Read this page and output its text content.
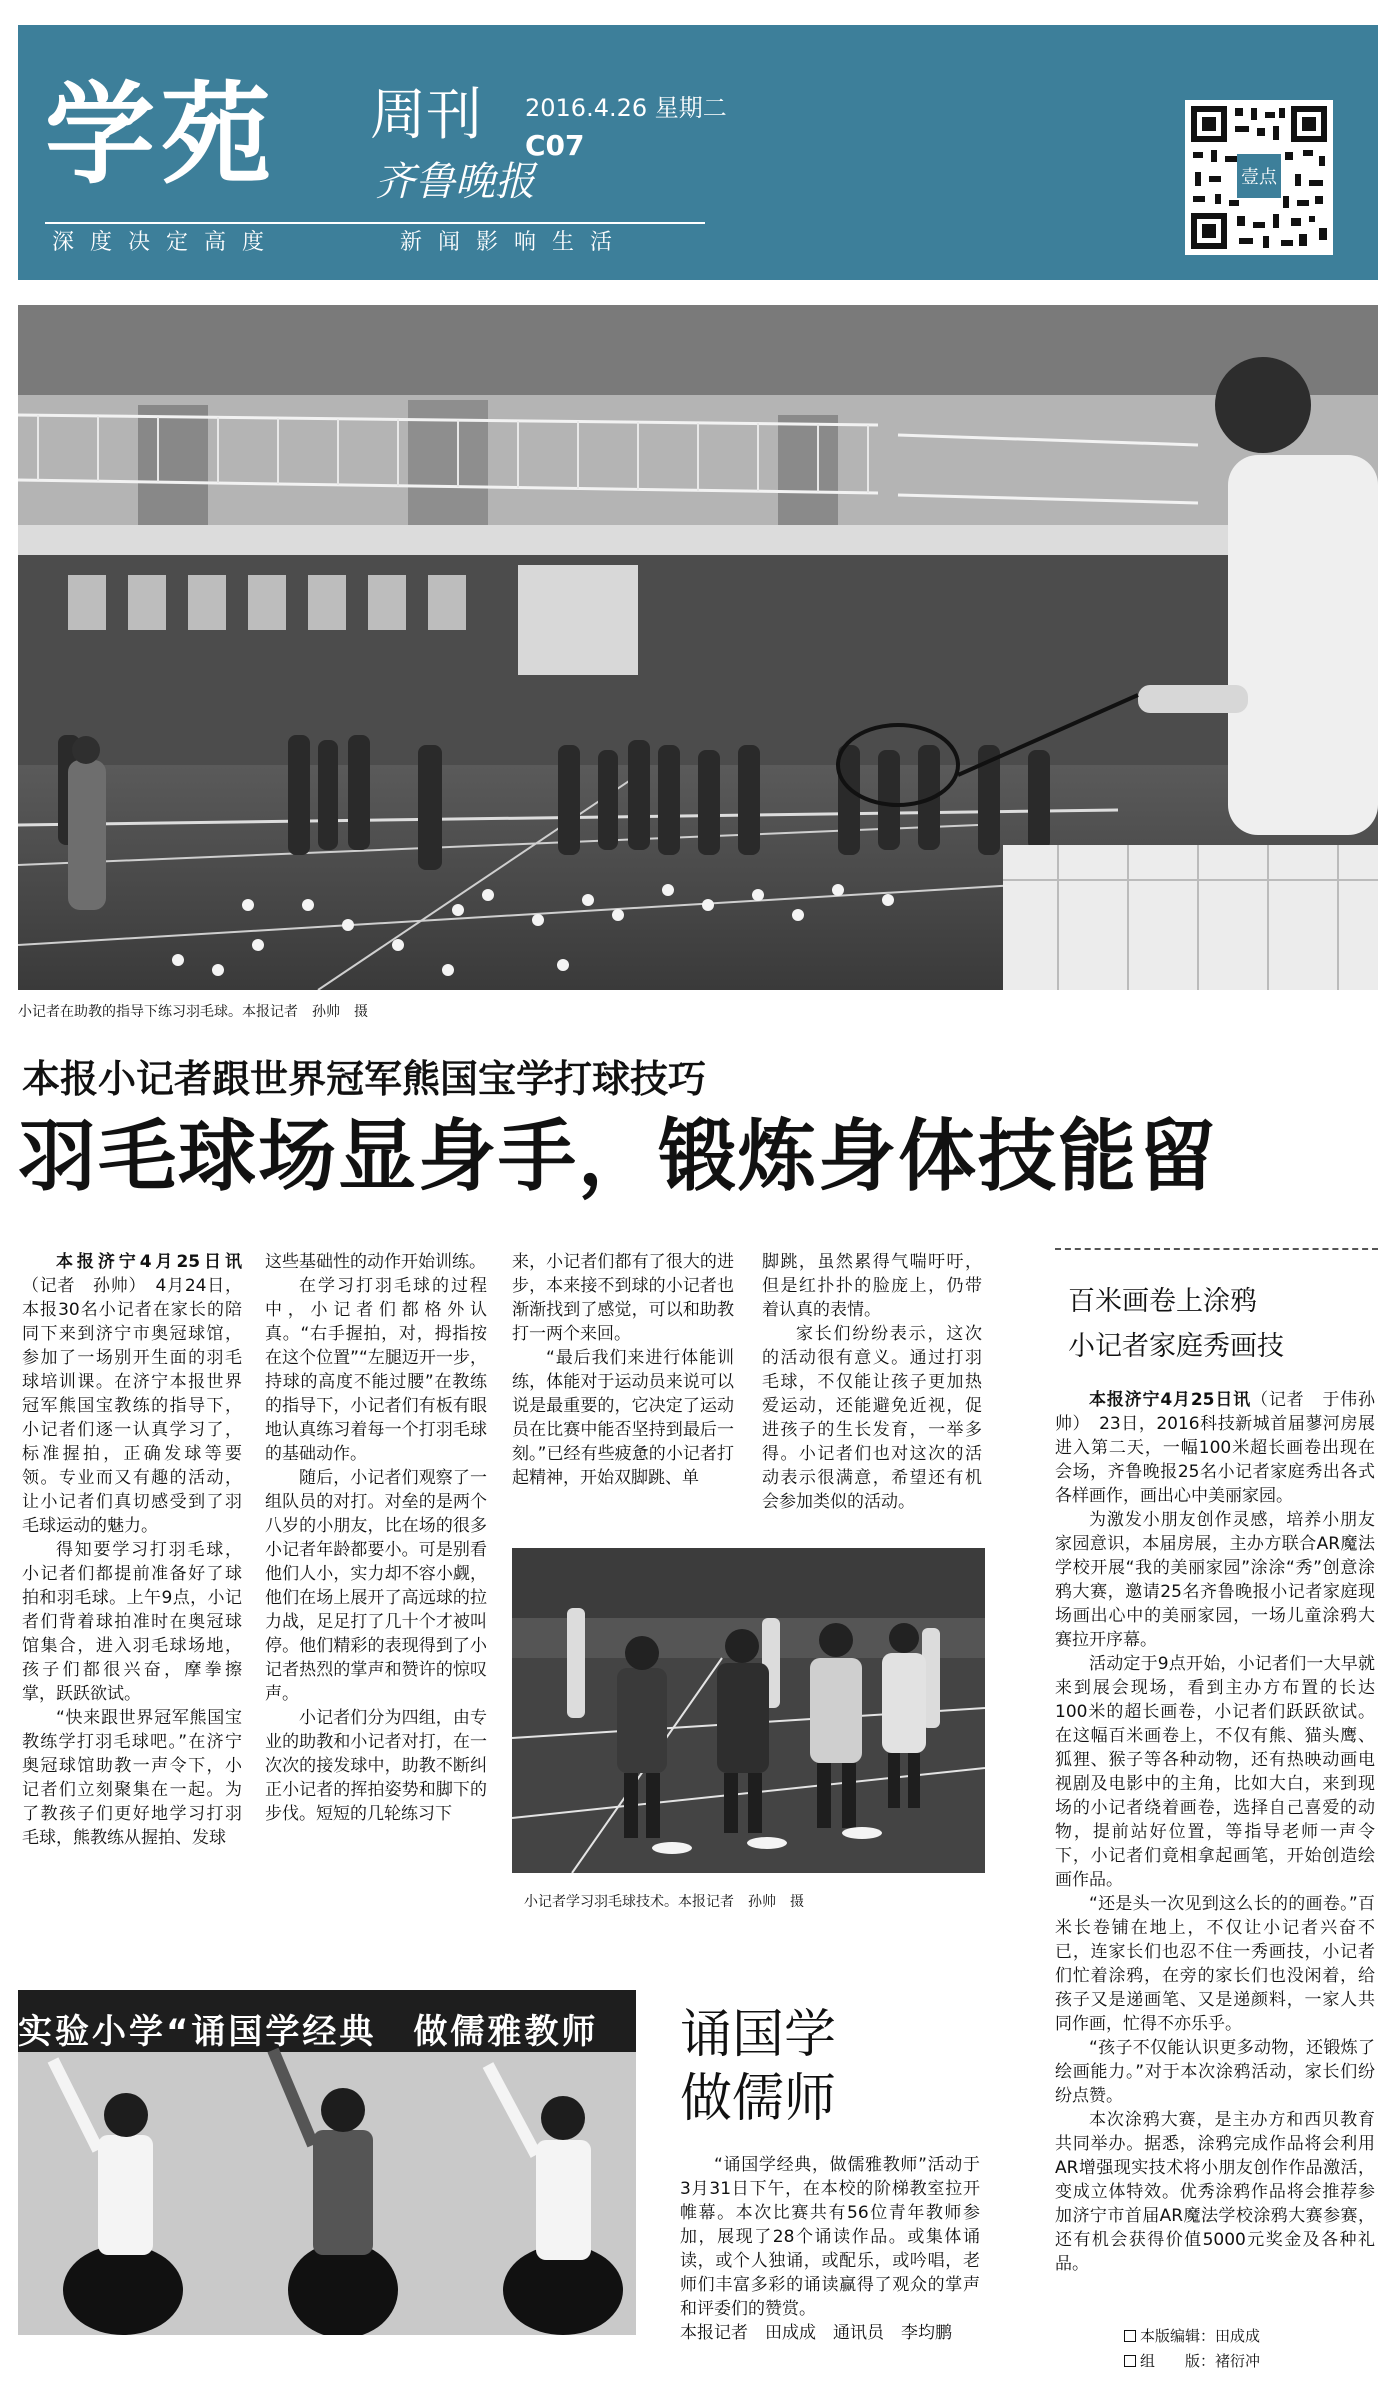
学苑 周刊
齐鲁晚报
2016.4.26 星期二
C07
深度决定高度	新闻影响生活
壹点
小记者在助教的指导下练习羽毛球。本报记者　孙帅　摄
本报小记者跟世界冠军熊国宝学打球技巧
羽毛球场显身手，锻炼身体技能留

本报济宁4月25日讯（记者　孙帅）　4月24日，本报30名小记者在家长的陪同下来到济宁市奥冠球馆，参加了一场别开生面的羽毛球培训课。在济宁本报世界冠军熊国宝教练的指导下，小记者们逐一认真学习了，标准握拍，正确发球等要领。专业而又有趣的活动，让小记者们真切感受到了羽毛球运动的魅力。

得知要学习打羽毛球，小记者们都提前准备好了球拍和羽毛球。上午9点，小记者们背着球拍准时在奥冠球馆集合，进入羽毛球场地，孩子们都很兴奋，摩拳擦掌，跃跃欲试。

“快来跟世界冠军熊国宝教练学打羽毛球吧。”在济宁奥冠球馆助教一声令下，小记者们立刻聚集在一起。为了教孩子们更好地学习打羽毛球，熊教练从握拍、发球

这些基础性的动作开始训练。

在学习打羽毛球的过程中，小记者们都格外认真。“右手握拍，对，拇指按在这个位置”“左腿迈开一步，持球的高度不能过腰”在教练的指导下，小记者们有板有眼地认真练习着每一个打羽毛球的基础动作。

随后，小记者们观察了一组队员的对打。对垒的是两个八岁的小朋友，比在场的很多小记者年龄都要小。可是别看他们人小，实力却不容小觑，他们在场上展开了高远球的拉力战，足足打了几十个才被叫停。他们精彩的表现得到了小记者热烈的掌声和赞许的惊叹声。

小记者们分为四组，由专业的助教和小记者对打，在一次次的接发球中，助教不断纠正小记者的挥拍姿势和脚下的步伐。短短的几轮练习下

来，小记者们都有了很大的进步，本来接不到球的小记者也渐渐找到了感觉，可以和助教打一两个来回。

“最后我们来进行体能训练，体能对于运动员来说可以说是最重要的，它决定了运动员在比赛中能否坚持到最后一刻。”已经有些疲惫的小记者打起精神，开始双脚跳、单

脚跳，虽然累得气喘吁吁，但是红扑扑的脸庞上，仍带着认真的表情。

家长们纷纷表示，这次的活动很有意义。通过打羽毛球，不仅能让孩子更加热爱运动，还能避免近视，促进孩子的生长发育，一举多得。小记者们也对这次的活动表示很满意，希望还有机会参加类似的活动。

小记者学习羽毛球技术。本报记者　孙帅　摄
百米画卷上涂鸦
小记者家庭秀画技

本报济宁4月25日讯（记者　于伟孙帅）　23日，2016科技新城首届蓼河房展进入第二天，一幅100米超长画卷出现在会场，齐鲁晚报25名小记者家庭秀出各式各样画作，画出心中美丽家园。

为激发小朋友创作灵感，培养小朋友家园意识，本届房展，主办方联合AR魔法学校开展“我的美丽家园”涂涂“秀”创意涂鸦大赛，邀请25名齐鲁晚报小记者家庭现场画出心中的美丽家园，一场儿童涂鸦大赛拉开序幕。

活动定于9点开始，小记者们一大早就来到展会现场，看到主办方布置的长达100米的超长画卷，小记者们跃跃欲试。在这幅百米画卷上，不仅有熊、猫头鹰、狐狸、猴子等各种动物，还有热映动画电视剧及电影中的主角，比如大白，来到现场的小记者绕着画卷，选择自己喜爱的动物，提前站好位置，等指导老师一声令下，小记者们竟相拿起画笔，开始创造绘画作品。

“还是头一次见到这么长的的画卷。”百米长卷铺在地上，不仅让小记者兴奋不已，连家长们也忍不住一秀画技，小记者们忙着涂鸦，在旁的家长们也没闲着，给孩子又是递画笔、又是递颜料，一家人共同作画，忙得不亦乐乎。

“孩子不仅能认识更多动物，还锻炼了绘画能力。”对于本次涂鸦活动，家长们纷纷点赞。

本次涂鸦大赛，是主办方和西贝教育共同举办。据悉，涂鸦完成作品将会利用AR增强现实技术将小朋友创作作品激活，变成立体特效。优秀涂鸦作品将会推荐参加济宁市首届AR魔法学校涂鸦大赛参赛，还有机会获得价值5000元奖金及各种礼品。

实验小学“诵国学经典　做儒雅教师 诵国学
做儒师

“诵国学经典，做儒雅教师”活动于3月31日下午，在本校的阶梯教室拉开帷幕。本次比赛共有56位青年教师参加，展现了28个诵读作品。或集体诵读，或个人独诵，或配乐，或吟唱，老师们丰富多彩的诵读赢得了观众的掌声和评委们的赞赏。

本报记者　田成成　通讯员　李均鹏	本版编辑：田成成
组　　版：褚衍冲
